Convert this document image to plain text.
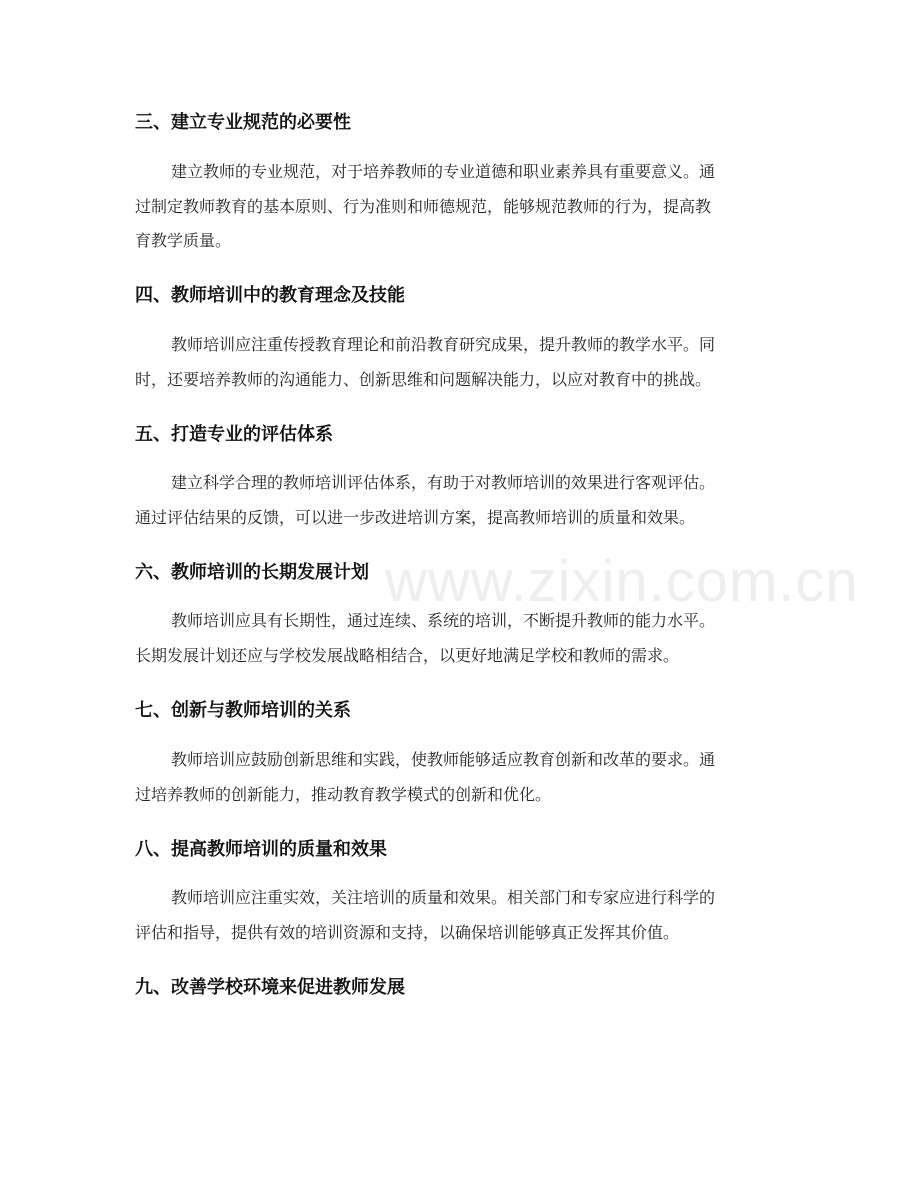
三、建立专业规范的必要性
建立教师的专业规范，对于培养教师的专业道德和职业素养具有重要意义。通
过制定教师教育的基本原则、行为准则和师德规范，能够规范教师的行为，提高教
育教学质量。
四、教师培训中的教育理念及技能
教师培训应注重传授教育理论和前沿教育研究成果，提升教师的教学水平。同
时，还要培养教师的沟通能力、创新思维和问题解决能力，以应对教育中的挑战。
五、打造专业的评估体系
建立科学合理的教师培训评估体系，有助于对教师培训的效果进行客观评估。
通过评估结果的反馈，可以进一步改进培训方案，提高教师培训的质量和效果。
六、教师培训的长期发展计划
教师培训应具有长期性，通过连续、系统的培训，不断提升教师的能力水平。
长期发展计划还应与学校发展战略相结合，以更好地满足学校和教师的需求。
七、创新与教师培训的关系
教师培训应鼓励创新思维和实践，使教师能够适应教育创新和改革的要求。通
过培养教师的创新能力，推动教育教学模式的创新和优化。
八、提高教师培训的质量和效果
教师培训应注重实效，关注培训的质量和效果。相关部门和专家应进行科学的
评估和指导，提供有效的培训资源和支持，以确保培训能够真正发挥其价值。
九、改善学校环境来促进教师发展
www.zixin.com.cn
